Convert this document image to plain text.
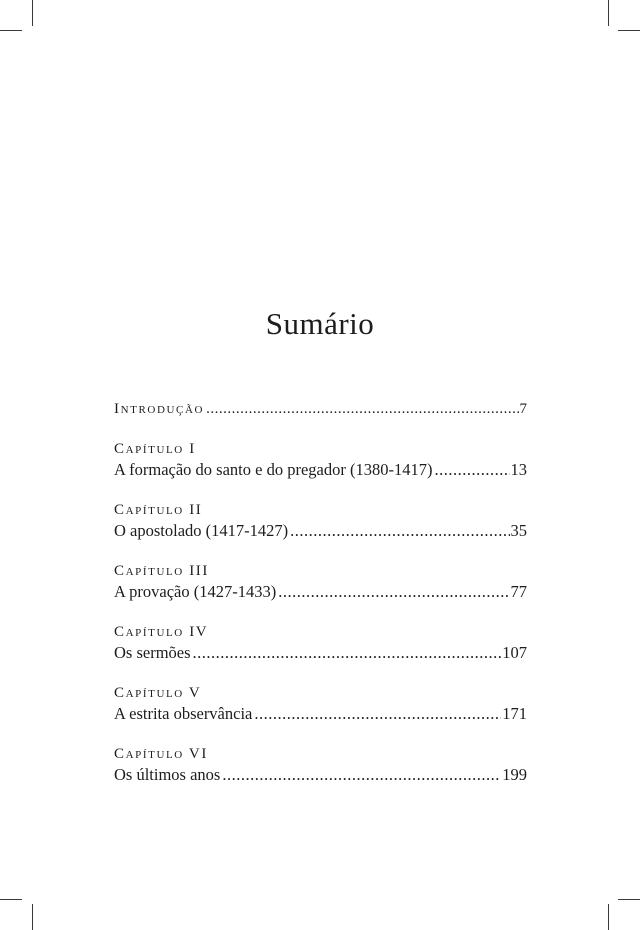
Sumário
Introdução .....	7
Capítulo I
A formação do santo e do pregador (1380-1417) .....	13
Capítulo II
O apostolado (1417-1427) .....	35
Capítulo III
A provação (1427-1433) .....	77
Capítulo IV
Os sermões .....	107
Capítulo V
A estrita observância .....	171
Capítulo VI
Os últimos anos .....	199
